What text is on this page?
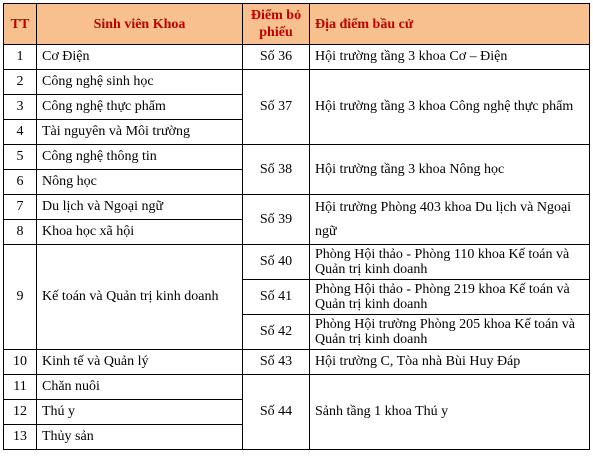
TT	Sinh viên Khoa	Điểm bỏ phiếu	Địa điểm bầu cử
1	Cơ Điện	Số 36	Hội trường tầng 3 khoa Cơ – Điện
2	Công nghệ sinh học	Số 37	Hội trường tầng 3 khoa Công nghệ thực phẩm
3	Công nghệ thực phẩm		
4	Tài nguyên và Môi trường		
5	Công nghệ thông tin	Số 38	Hội trường tầng 3 khoa Nông học
6	Nông học		
7	Du lịch và Ngoại ngữ	Số 39	Hội trường Phòng 403 khoa Du lịch và Ngoại ngữ
8	Khoa học xã hội		
9	Kế toán và Quản trị kinh doanh	Số 40	Phòng Hội thảo - Phòng 110 khoa Kế toán và Quản trị kinh doanh
		Số 41	Phòng Hội thảo - Phòng 219 khoa Kế toán và Quản trị kinh doanh
		Số 42	Phòng Hội trường Phòng 205 khoa Kế toán và Quản trị kinh doanh
10	Kinh tế và Quản lý	Số 43	Hội trường C, Tòa nhà Bùi Huy Đáp
11	Chăn nuôi	Số 44	Sảnh tầng 1 khoa Thú y
12	Thú y		
13	Thủy sản		
